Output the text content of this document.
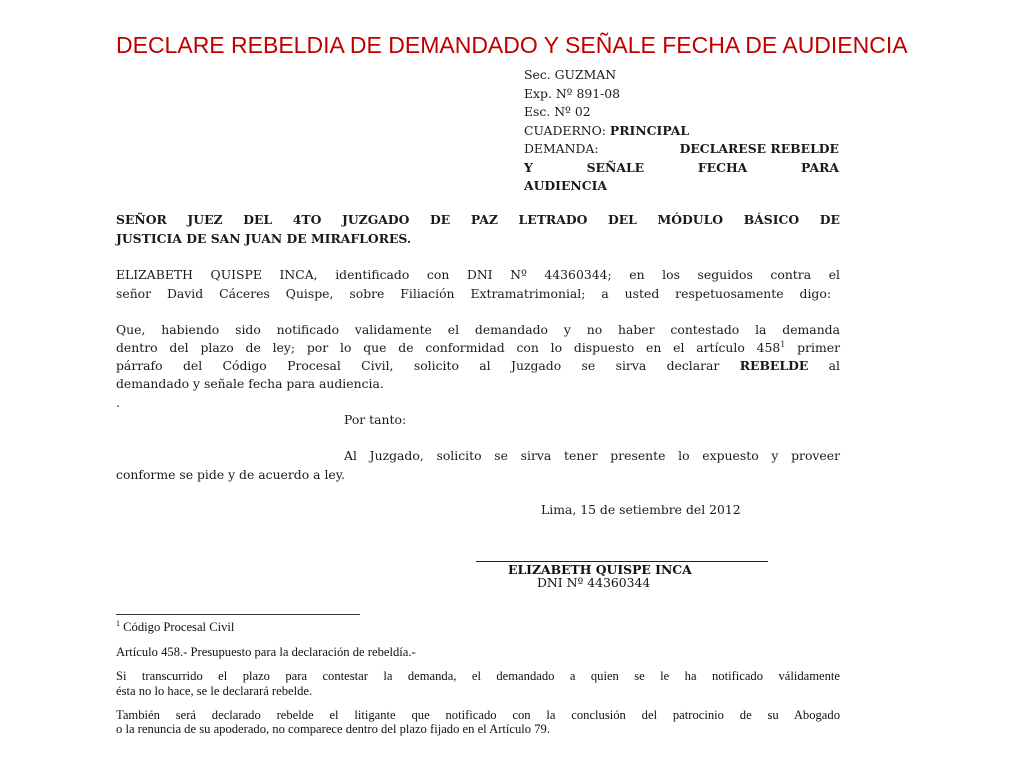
DECLARE REBELDIA DE DEMANDADO Y SEÑALE FECHA DE AUDIENCIA
Sec. GUZMAN
Exp. Nº 891-08
Esc. Nº 02
CUADERNO: PRINCIPAL
DEMANDA:	DECLARESE REBELDE
Y SEÑALE FECHA PARA
AUDIENCIA
SEÑOR JUEZ DEL 4TO JUZGADO DE PAZ LETRADO DEL MÓDULO BÁSICO DE
JUSTICIA DE SAN JUAN DE MIRAFLORES.
ELIZABETH QUISPE INCA, identificado con DNI Nº 44360344; en los seguidos contra el
señor David Cáceres Quispe, sobre Filiación Extramatrimonial; a usted respetuosamente digo:
Que, habiendo sido notificado validamente el demandado y no haber contestado la demanda
dentro del plazo de ley; por lo que de conformidad con lo dispuesto en el artículo $458^1$ primer
párrafo del Código Procesal Civil, solicito al Juzgado se sirva declarar REBELDE al
demandado y señale fecha para audiencia.
.
Por tanto:
Al Juzgado, solicito se sirva tener presente lo expuesto y proveer
conforme se pide y de acuerdo a ley.
Lima, 15 de setiembre del 2012
ELIZABETH QUISPE INCA
DNI Nº 44360344
$^1$ Código Procesal Civil
Artículo 458.- Presupuesto para la declaración de rebeldía.-
Si transcurrido el plazo para contestar la demanda, el demandado a quien se le ha notificado válidamente
ésta no lo hace, se le declarará rebelde.
También será declarado rebelde el litigante que notificado con la conclusión del patrocinio de su Abogado
o la renuncia de su apoderado, no comparece dentro del plazo fijado en el Artículo 79.
